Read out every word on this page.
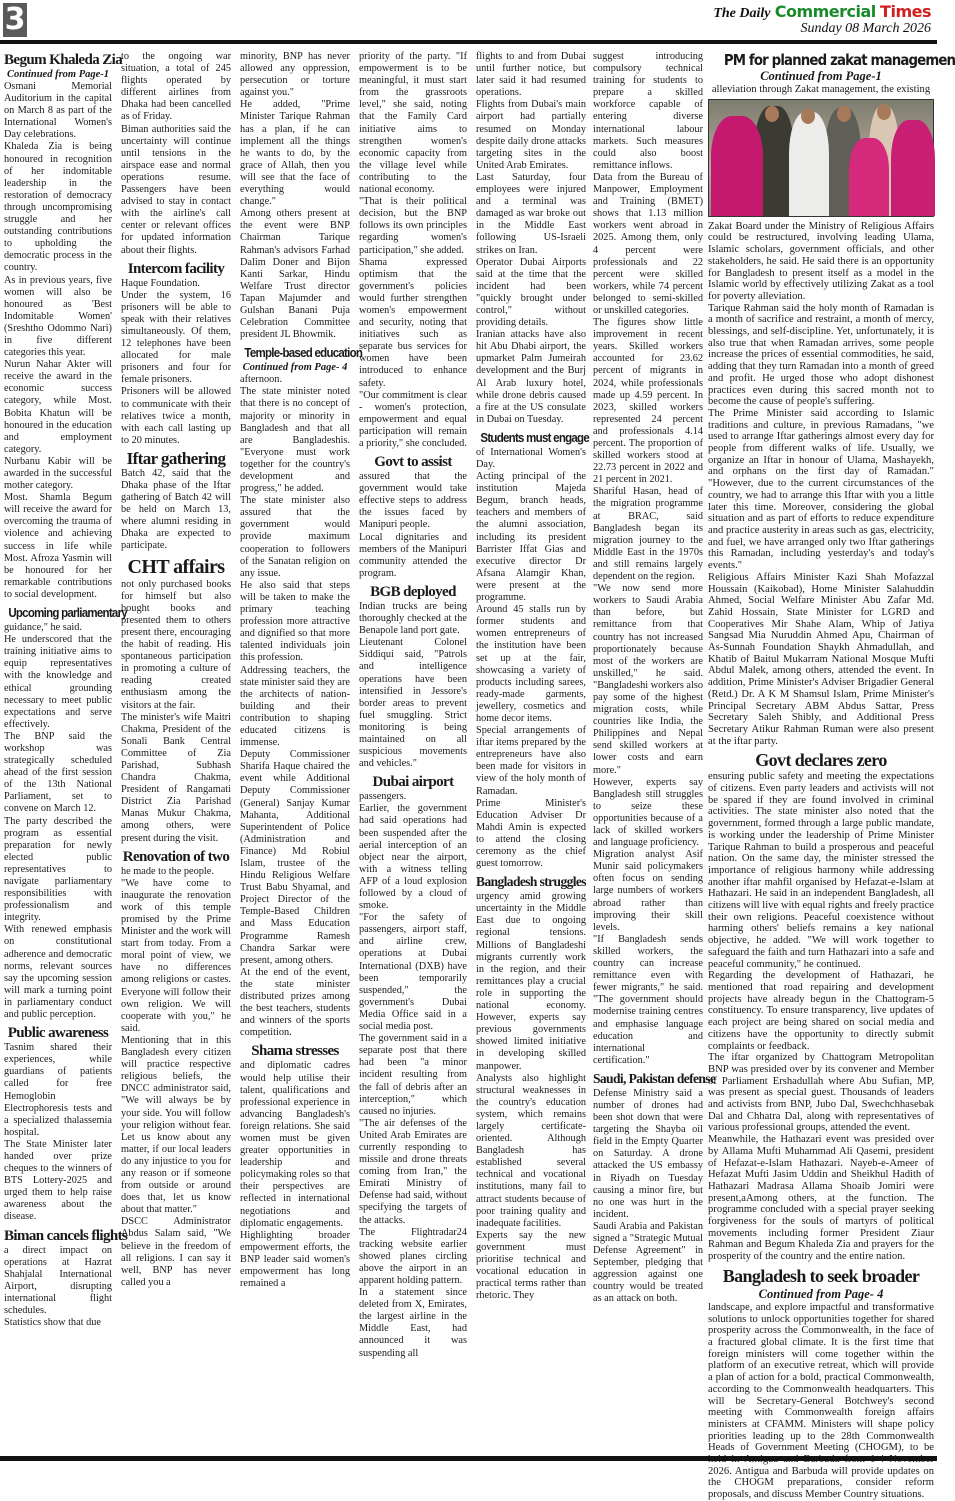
3	The Daily Commercial Times
Sunday 08 March 2026
Begum Khaleda Zia
Continued from Page-1

Osmani Memorial Auditorium in the capital on March 8 as part of the International Women's Day celebrations.

Khaleda Zia is being honoured in recognition of her indomitable leadership in the restoration of democracy through uncompromising struggle and her outstanding contributions to upholding the democratic process in the country.

As in previous years, five women will also be honoured as 'Best Indomitable Women' (Sreshtho Odommo Nari) in five different categories this year.

Nurun Nahar Akter will receive the award in the economic success category, while Most. Bobita Khatun will be honoured in the education and employment category.

Nurbanu Kabir will be awarded in the successful mother category.

Most. Shamla Begum will receive the award for overcoming the trauma of violence and achieving success in life while Most. Afroza Yasmin will be honoured for her remarkable contributions to social development.

Upcoming parliamentary

guidance," he said.

He underscored that the training initiative aims to equip representatives with the knowledge and ethical grounding necessary to meet public expectations and serve effectively.

The BNP said the workshop was strategically scheduled ahead of the first session of the 13th National Parliament, set to convene on March 12.

The party described the program as essential preparation for newly elected public representatives to navigate parliamentary responsibilities with professionalism and integrity.

With renewed emphasis on constitutional adherence and democratic norms, relevant sources say the upcoming session will mark a turning point in parliamentary conduct and public perception.

Public awareness

Tasnim shared their experiences, while guardians of patients called for free Hemoglobin Electrophoresis tests and a specialized thalassemia hospital.

The State Minister later handed over prize cheques to the winners of BTS Lottery-2025 and urged them to help raise awareness about the disease.

Biman cancels flights

a direct impact on operations at Hazrat Shahjalal International Airport, disrupting international flight schedules.

Statistics show that due

to the ongoing war situation, a total of 245 flights operated by different airlines from Dhaka had been cancelled as of Friday.

Biman authorities said the uncertainty will continue until tensions in the airspace ease and normal operations resume. Passengers have been advised to stay in contact with the airline's call center or relevant offices for updated information about their flights.

Intercom facility

Haque Foundation.

Under the system, 16 prisoners will be able to speak with their relatives simultaneously. Of them, 12 telephones have been allocated for male prisoners and four for female prisoners.

Prisoners will be allowed to communicate with their relatives twice a month, with each call lasting up to 20 minutes.

Iftar gathering

Batch 42, said that the Dhaka phase of the Iftar gathering of Batch 42 will be held on March 13, where alumni residing in Dhaka are expected to participate.

CHT affairs

not only purchased books for himself but also bought books and presented them to others present there, encouraging the habit of reading. His spontaneous participation in promoting a culture of reading created enthusiasm among the visitors at the fair.

The minister's wife Maitri Chakma, President of the Sonali Bank Central Committee of Zia Parishad, Subhash Chandra Chakma, President of Rangamati District Zia Parishad Manas Mukur Chakma, among others, were present during the visit.

Renovation of two

he made to the people.

"We have come to inaugurate the renovation work of this temple promised by the Prime Minister and the work will start from today. From a moral point of view, we have no differences among religions or castes. Everyone will follow their own religion. We will cooperate with you," he said.

Mentioning that in this Bangladesh every citizen will practice respective religious beliefs, the DNCC administrator said, "We will always be by your side. You will follow your religion without fear. Let us know about any matter, if our local leaders do any injustice to you for any reason or if someone from outside or around does that, let us know about that matter."

DSCC Administrator Abdus Salam said, "We believe in the freedom of all religions. I can say it well, BNP has never called you a

minority, BNP has never allowed any oppression, persecution or torture against you."

He added, "Prime Minister Tarique Rahman has a plan, if he can implement all the things he wants to do, by the grace of Allah, then you will see that the face of everything would change."

Among others present at the event were BNP Chairman Tarique Rahman's advisors Farhad Dalim Doner and Bijon Kanti Sarkar, Hindu Welfare Trust director Tapan Majumder and Gulshan Banani Puja Celebration Committee president JL Bhowmik.

Temple-based education
Continued from Page- 4

afternoon.

The state minister noted that there is no concept of majority or minority in Bangladesh and that all are Bangladeshis. "Everyone must work together for the country's development and progress," he added.

The state minister also assured that the government would provide maximum cooperation to followers of the Sanatan religion on any issue.

He also said that steps will be taken to make the primary teaching profession more attractive and dignified so that more talented individuals join this profession.

Addressing teachers, the state minister said they are the architects of nation-building and their contribution to shaping educated citizens is immense.

Deputy Commissioner Sharifa Haque chaired the event while Additional Deputy Commissioner (General) Sanjay Kumar Mahanta, Additional Superintendent of Police (Administration and Finance) Md Robiul Islam, trustee of the Hindu Religious Welfare Trust Babu Shyamal, and Project Director of the Temple-Based Children and Mass Education Programme Ramesh Chandra Sarkar were present, among others.

At the end of the event, the state minister distributed prizes among the best teachers, students and winners of the sports competition.

Shama stresses

and diplomatic cadres would help utilise their talent, qualifications and professional experience in advancing Bangladesh's foreign relations. She said women must be given greater opportunities in leadership and policymaking roles so that their perspectives are reflected in international negotiations and diplomatic engagements.

Highlighting broader empowerment efforts, the BNP leader said women's empowerment has long remained a

priority of the party. "If empowerment is to be meaningful, it must start from the grassroots level," she said, noting that the Family Card initiative aims to strengthen women's economic capacity from the village level while contributing to the national economy.

"That is their political decision, but the BNP follows its own principles regarding women's participation," she added.

Shama expressed optimism that the government's policies would further strengthen women's empowerment and security, noting that initiatives such as separate bus services for women have been introduced to enhance safety.

"Our commitment is clear - women's protection, empowerment and equal participation will remain a priority," she concluded.

Govt to assist

assured that the government would take effective steps to address the issues faced by Manipuri people.

Local dignitaries and members of the Manipuri community attended the program.

BGB deployed

Indian trucks are being thoroughly checked at the Benapole land port gate.

Lieutenant Colonel Siddiqui said, "Patrols and intelligence operations have been intensified in Jessore's border areas to prevent fuel smuggling. Strict monitoring is being maintained on all suspicious movements and vehicles."

Dubai airport

passengers.

Earlier, the government had said operations had been suspended after the aerial interception of an object near the airport, with a witness telling AFP of a loud explosion followed by a cloud of smoke.

"For the safety of passengers, airport staff, and airline crew, operations at Dubai International (DXB) have been temporarily suspended," the government's Dubai Media Office said in a social media post.

The government said in a separate post that there had been "a minor incident resulting from the fall of debris after an interception," which caused no injuries.

"The air defenses of the United Arab Emirates are currently responding to missile and drone threats coming from Iran," the Emirati Ministry of Defense had said, without specifying the targets of the attacks.

The Flightradar24 tracking website earlier showed planes circling above the airport in an apparent holding pattern.

In a statement since deleted from X, Emirates, the largest airline in the Middle East, had announced it was suspending all

flights to and from Dubai until further notice, but later said it had resumed operations.

Flights from Dubai's main airport had partially resumed on Monday despite daily drone attacks targeting sites in the United Arab Emirates.

Last Saturday, four employees were injured and a terminal was damaged as war broke out in the Middle East following US-Israeli strikes on Iran.

Operator Dubai Airports said at the time that the incident had been "quickly brought under control," without providing details.

Iranian attacks have also hit Abu Dhabi airport, the upmarket Palm Jumeirah development and the Burj Al Arab luxury hotel, while drone debris caused a fire at the US consulate in Dubai on Tuesday.

Students must engage

of International Women's Day.

Acting principal of the institution Majeda Begum, branch heads, teachers and members of the alumni association, including its president Barrister Iffat Gias and executive director Dr Afsana Alamgir Khan, were present at the programme.

Around 45 stalls run by former students and women entrepreneurs of the institution have been set up at the fair, showcasing a variety of products including sarees, ready-made garments, jewellery, cosmetics and home decor items.

Special arrangements of iftar items prepared by the entrepreneurs have also been made for visitors in view of the holy month of Ramadan.

Prime Minister's Education Adviser Dr Mahdi Amin is expected to attend the closing ceremony as the chief guest tomorrow.

Bangladesh struggles

urgency amid growing uncertainty in the Middle East due to ongoing regional tensions. Millions of Bangladeshi migrants currently work in the region, and their remittances play a crucial role in supporting the national economy. However, experts say previous governments showed limited initiative in developing skilled manpower.

Analysts also highlight structural weaknesses in the country's education system, which remains largely certificate-oriented. Although Bangladesh has established several technical and vocational institutions, many fail to attract students because of poor training quality and inadequate facilities.

Experts say the new government must prioritise technical and vocational education in practical terms rather than rhetoric. They

suggest introducing compulsory technical training for students to prepare a skilled workforce capable of entering diverse international labour markets. Such measures could also boost remittance inflows.

Data from the Bureau of Manpower, Employment and Training (BMET) shows that 1.13 million workers went abroad in 2025. Among them, only 4 percent were professionals and 22 percent were skilled workers, while 74 percent belonged to semi-skilled or unskilled categories.

The figures show little improvement in recent years. Skilled workers accounted for 23.62 percent of migrants in 2024, while professionals made up 4.59 percent. In 2023, skilled workers represented 24 percent and professionals 4.14 percent. The proportion of skilled workers stood at 22.73 percent in 2022 and 21 percent in 2021.

Shariful Hasan, head of the migration programme at BRAC, said Bangladesh began its migration journey to the Middle East in the 1970s and still remains largely dependent on the region.

"We now send more workers to Saudi Arabia than before, but remittance from that country has not increased proportionately because most of the workers are unskilled," he said. "Bangladeshi workers also pay some of the highest migration costs, while countries like India, the Philippines and Nepal send skilled workers at lower costs and earn more."

However, experts say Bangladesh still struggles to seize these opportunities because of a lack of skilled workers and language proficiency.

Migration analyst Asif Munir said policymakers often focus on sending large numbers of workers abroad rather than improving their skill levels.

"If Bangladesh sends skilled workers, the country can increase remittance even with fewer migrants," he said. "The government should modernise training centres and emphasise language education and international certification."

Saudi, Pakistan defense

Defense Ministry said a number of drones had been shot down that were targeting the Shayba oil field in the Empty Quarter on Saturday. A drone attacked the US embassy in Riyadh on Tuesday causing a minor fire, but no one was hurt in the incident.

Saudi Arabia and Pakistan signed a "Strategic Mutual Defense Agreement" in September, pledging that aggression against one country would be treated as an attack on both.

PM for planned zakat managemen
Continued from Page-1

alleviation through Zakat management, the existing

Zakat Board under the Ministry of Religious Affairs could be restructured, involving leading Ulama, Islamic scholars, government officials, and other stakeholders, he said. He said there is an opportunity for Bangladesh to present itself as a model in the Islamic world by effectively utilizing Zakat as a tool for poverty alleviation.

Tarique Rahman said the holy month of Ramadan is a month of sacrifice and restraint, a month of mercy, blessings, and self-discipline. Yet, unfortunately, it is also true that when Ramadan arrives, some people increase the prices of essential commodities, he said, adding that they turn Ramadan into a month of greed and profit. He urged those who adopt dishonest practices even during this sacred month not to become the cause of people's suffering.

The Prime Minister said according to Islamic traditions and culture, in previous Ramadans, "we used to arrange Iftar gatherings almost every day for people from different walks of life. Usually, we organize an Iftar in honour of Ulama, Mashayekh, and orphans on the first day of Ramadan." "However, due to the current circumstances of the country, we had to arrange this Iftar with you a little later this time. Moreover, considering the global situation and as part of efforts to reduce expenditure and practice austerity in areas such as gas, electricity, and fuel, we have arranged only two Iftar gatherings this Ramadan, including yesterday's and today's events."

Religious Affairs Minister Kazi Shah Mofazzal Houssain (Kaikobad), Home Minister Salahuddin Ahmed, Social Welfare Minister Abu Zafar Md. Zahid Hossain, State Minister for LGRD and Cooperatives Mir Shahe Alam, Whip of Jatiya Sangsad Mia Nuruddin Ahmed Apu, Chairman of As-Sunnah Foundation Shaykh Ahmadullah, and Khatib of Baitul Mukarram National Mosque Mufti Abdul Malek, among others, attended the event. In addition, Prime Minister's Adviser Brigadier General (Retd.) Dr. A K M Shamsul Islam, Prime Minister's Principal Secretary ABM Abdus Sattar, Press Secretary Saleh Shibly, and Additional Press Secretary Atikur Rahman Ruman were also present at the iftar party.

Govt declares zero

ensuring public safety and meeting the expectations of citizens. Even party leaders and activists will not be spared if they are found involved in criminal activities. The state minister also noted that the government, formed through a large public mandate, is working under the leadership of Prime Minister Tarique Rahman to build a prosperous and peaceful nation. On the same day, the minister stressed the importance of religious harmony while addressing another iftar mahfil organised by Hefazat-e-Islam at Hathazari. He said in an independent Bangladesh, all citizens will live with equal rights and freely practice their own religions. Peaceful coexistence without harming others' beliefs remains a key national objective, he added. "We will work together to safeguard the faith and turn Hathazari into a safe and peaceful community," he continued.

Regarding the development of Hathazari, he mentioned that road repairing and development projects have already begun in the Chattogram-5 constituency. To ensure transparency, live updates of each project are being shared on social media and citizens have the opportunity to directly submit complaints or feedback.

The iftar organized by Chattogram Metropolitan BNP was presided over by its convener and Member of Parliament Ershadullah where Abu Sufian, MP, was present as special guest. Thousands of leaders and activists from BNP, Jubo Dal, Swechchhasebak Dal and Chhatra Dal, along with representatives of various professional groups, attended the event.

Meanwhile, the Hathazari event was presided over by Allama Mufti Muhammad Ali Qasemi, president of Hefazat-e-Islam Hathazari. Nayeb-e-Ameer of Hefazat Mufti Jasim Uddin and Sheikhul Hadith of Hathazari Madrasa Allama Shoaib Jomiri were present,aAmong others, at the function. The programme concluded with a special prayer seeking forgiveness for the souls of martyrs of political movements including former President Ziaur Rahman and Begum Khaleda Zia and prayers for the prosperity of the country and the entire nation.

Bangladesh to seek broader
Continued from Page- 4

landscape, and explore impactful and transformative solutions to unlock opportunities together for shared prosperity across the Commonwealth, in the face of a fractured global climate. It is the first time that foreign ministers will come together within the platform of an executive retreat, which will provide a plan of action for a bold, practical Commonwealth, according to the Commonwealth headquarters. This will be Secretary-General Botchwey's second meeting with Commonwealth foreign affairs ministers at CFAMM. Ministers will shape policy priorities leading up to the 28th Commonwealth Heads of Government Meeting (CHOGM), to be 2026. Antigua and Barbuda will provide updates on the CHOGM preparations, consider reform proposals, and discuss Member Country situations.
